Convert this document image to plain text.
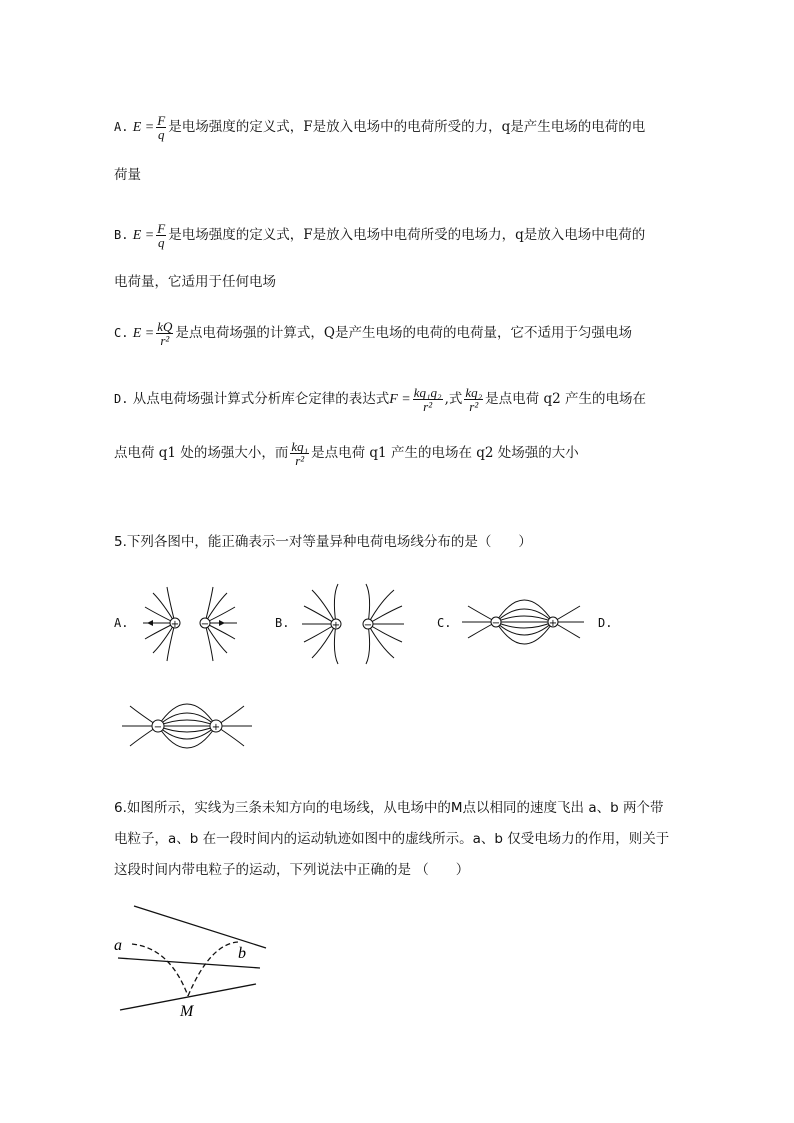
A. $E = \frac{F}{q}$ 是电场强度的定义式，F是放入电场中的电荷所受的力，q是产生电场的电荷的电
荷量
B. $E = \frac{F}{q}$ 是电场强度的定义式，F是放入电场中电荷所受的电场力，q是放入电场中电荷的
电荷量，它适用于任何电场
C. $E = \frac{kQ}{\text{r²}}$ 是点电荷场强的计算式，Q是产生电场的电荷的电荷量，它不适用于匀强电场
D. 从点电荷场强计算式分析库仑定律的表达式$F = \frac{\text{kq₁q₂}}{\text{r²}}$ ,式 $\frac{\text{kq₂}}{\text{r²}}$ 是点电荷 q2 产生的电场在
点电荷 q1 处的场强大小，而 $\frac{\text{kq₁}}{\text{r²}}$ 是点电荷 q1 产生的电场在 q2 处场强的大小
5.下列各图中，能正确表示一对等量异种电荷电场线分布的是（　　）
A.	B.	C.	D.
+ −	+ −	−	+
−	+
6.如图所示，实线为三条未知方向的电场线，从电场中的M点以相同的速度飞出 a、b 两个带
电粒子，a、b 在一段时间内的运动轨迹如图中的虚线所示。a、b 仅受电场力的作用，则关于
这段时间内带电粒子的运动，下列说法中正确的是 （　　）
a	b
M
